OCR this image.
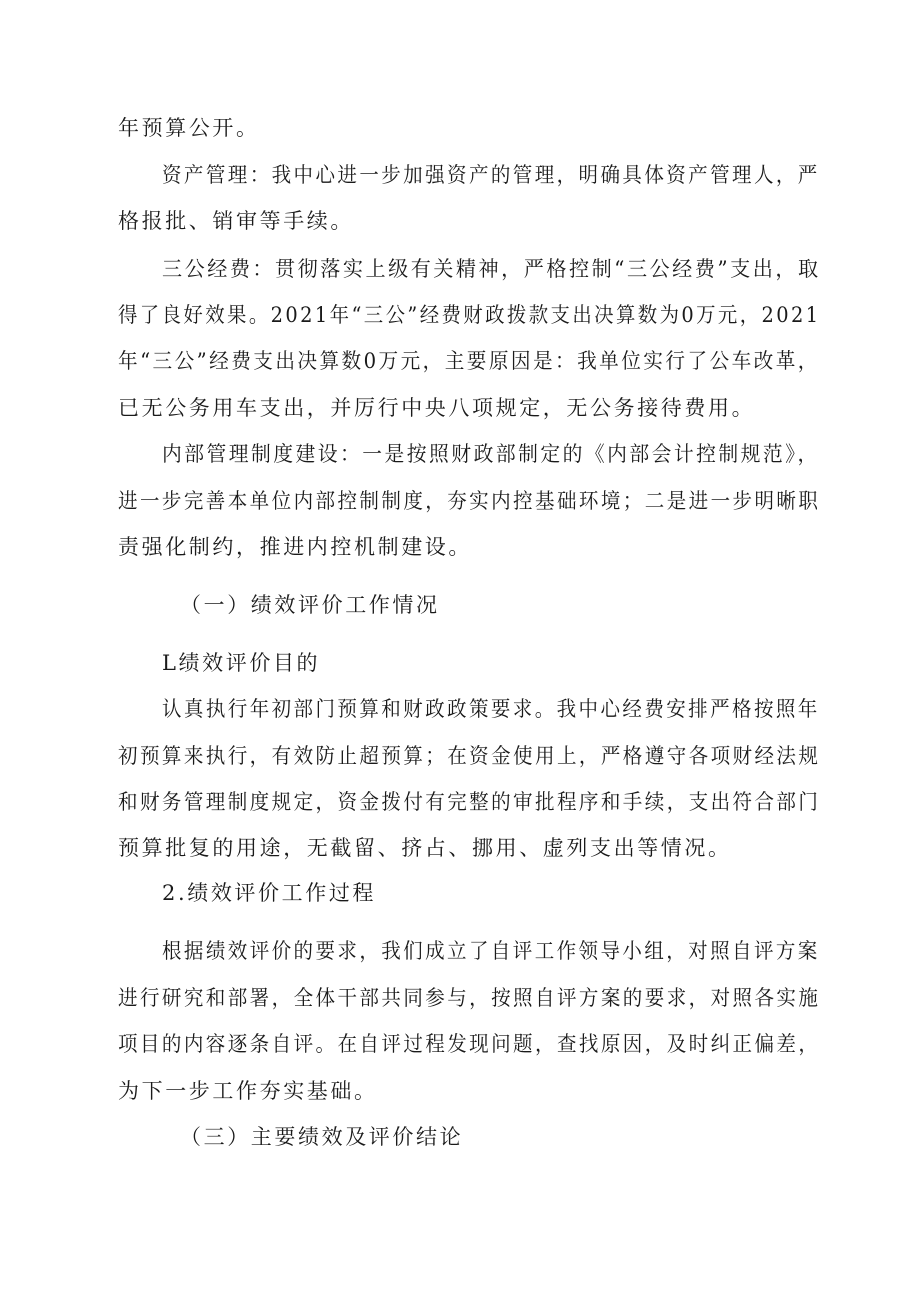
年预算公开。
资产管理：我中心进一步加强资产的管理，明确具体资产管理人，严
格报批、销审等手续。
三公经费：贯彻落实上级有关精神，严格控制“三公经费”支出，取
得了良好效果。2021年“三公”经费财政拨款支出决算数为0万元，2021
年“三公”经费支出决算数0万元，主要原因是：我单位实行了公车改革，
已无公务用车支出，并厉行中央八项规定，无公务接待费用。
内部管理制度建设：一是按照财政部制定的《内部会计控制规范》，
进一步完善本单位内部控制制度，夯实内控基础环境；二是进一步明晰职
责强化制约，推进内控机制建设。
（一）绩效评价工作情况
L绩效评价目的
认真执行年初部门预算和财政政策要求。我中心经费安排严格按照年
初预算来执行，有效防止超预算；在资金使用上，严格遵守各项财经法规
和财务管理制度规定，资金拨付有完整的审批程序和手续，支出符合部门
预算批复的用途，无截留、挤占、挪用、虚列支出等情况。
2.绩效评价工作过程
根据绩效评价的要求，我们成立了自评工作领导小组，对照自评方案
进行研究和部署，全体干部共同参与，按照自评方案的要求，对照各实施
项目的内容逐条自评。在自评过程发现问题，查找原因，及时纠正偏差，
为下一步工作夯实基础。
（三）主要绩效及评价结论
